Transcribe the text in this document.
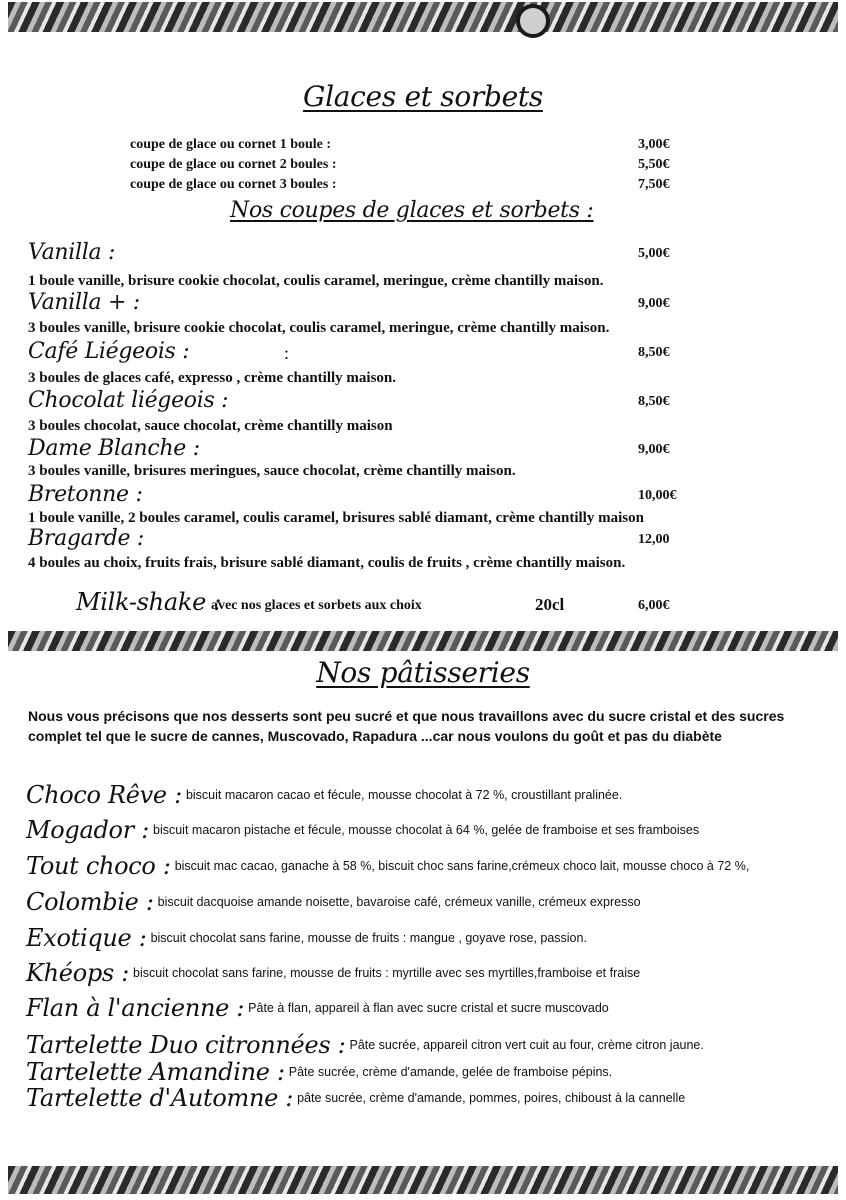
Glaces et sorbets
coupe de glace ou cornet 1 boule :	3,00€
coupe de glace ou cornet 2 boules :	5,50€
coupe de glace ou cornet 3 boules :	7,50€
Nos coupes de glaces et sorbets :
Vanilla :	5,00€
1 boule vanille, brisure cookie chocolat, coulis caramel, meringue, crème chantilly maison.
Vanilla + :	9,00€
3 boules vanille, brisure cookie chocolat, coulis caramel, meringue, crème chantilly maison.
Café Liégeois :	:	8,50€
3 boules de glaces café, expresso , crème chantilly maison.
Chocolat liégeois :	8,50€
3 boules chocolat, sauce chocolat, crème chantilly maison
Dame Blanche :	9,00€
3 boules vanille, brisures meringues, sauce chocolat, crème chantilly maison.
Bretonne :	10,00€
1 boule vanille, 2 boules caramel, coulis caramel, brisures sablé diamant, crème chantilly maison
Bragarde :	12,00
4 boules au choix, fruits frais, brisure sablé diamant, coulis de fruits , crème chantilly maison.
Milk-shake :
avec nos glaces et sorbets aux choix	20cl	6,00€
Nos pâtisseries
Nous vous précisons que nos desserts sont peu sucré et que nous travaillons avec du sucre cristal et des sucres complet tel que le sucre de cannes, Muscovado, Rapadura ...car nous voulons du goût et pas du diabète
Choco Rêve : biscuit macaron cacao et fécule, mousse chocolat à 72 %, croustillant pralinée.
Mogador : biscuit macaron pistache et fécule, mousse chocolat à 64 %, gelée de framboise et ses framboises
Tout choco : biscuit mac cacao, ganache à 58 %, biscuit choc sans farine,crémeux choco lait, mousse choco à 72 %,
Colombie : biscuit dacquoise amande noisette, bavaroise café, crémeux vanille, crémeux expresso
Exotique : biscuit chocolat sans farine, mousse de fruits : mangue , goyave rose, passion.
Khéops : biscuit chocolat sans farine, mousse de fruits : myrtille avec ses myrtilles,framboise et fraise
Flan à l'ancienne : Pâte à flan, appareil à flan avec sucre cristal et sucre muscovado
Tartelette Duo citronnées : Pâte sucrée, appareil citron vert cuit au four, crème citron jaune.
Tartelette Amandine : Pâte sucrée, crème d'amande, gelée de framboise pépins.
Tartelette d'Automne : pâte sucrée, crème d'amande, pommes, poires, chiboust à la cannelle
